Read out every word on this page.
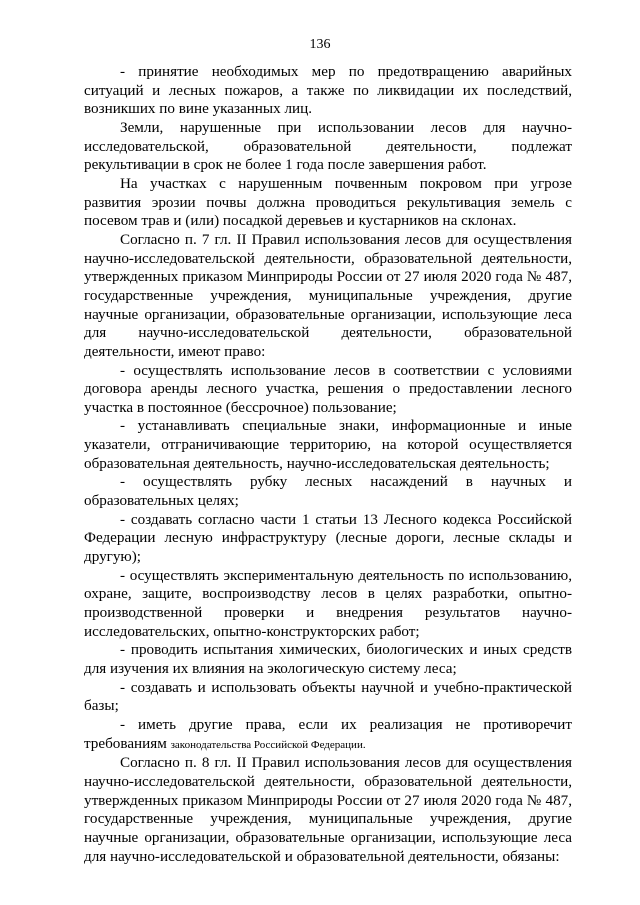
136

- принятие необходимых мер по предотвращению аварийных ситуаций и лесных пожаров, а также по ликвидации их последствий, возникших по вине указанных лиц.

Земли, нарушенные при использовании лесов для научно-исследовательской, образовательной деятельности, подлежат рекультивации в срок не более 1 года после завершения работ.

На участках с нарушенным почвенным покровом при угрозе развития эрозии почвы должна проводиться рекультивация земель с посевом трав и (или) посадкой деревьев и кустарников на склонах.

Согласно п. 7 гл. II Правил использования лесов для осуществления научно-исследовательской деятельности, образовательной деятельности, утвержденных приказом Минприроды России от 27 июля 2020 года № 487, государственные учреждения, муниципальные учреждения, другие научные организации, образовательные организации, использующие леса для научно-исследовательской деятельности, образовательной деятельности, имеют право:

- осуществлять использование лесов в соответствии с условиями договора аренды лесного участка, решения о предоставлении лесного участка в постоянное (бессрочное) пользование;

- устанавливать специальные знаки, информационные и иные указатели, отграничивающие территорию, на которой осуществляется образовательная деятельность, научно-исследовательская деятельность;

- осуществлять рубку лесных насаждений в научных и образовательных целях;

- создавать согласно части 1 статьи 13 Лесного кодекса Российской Федерации лесную инфраструктуру (лесные дороги, лесные склады и другую);

- осуществлять экспериментальную деятельность по использованию, охране, защите, воспроизводству лесов в целях разработки, опытно-производственной проверки и внедрения результатов научно-исследовательских, опытно-конструкторских работ;

- проводить испытания химических, биологических и иных средств для изучения их влияния на экологическую систему леса;

- создавать и использовать объекты научной и учебно-практической базы;

- иметь другие права, если их реализация не противоречит требованиям законодательства Российской Федерации.

Согласно п. 8 гл. II Правил использования лесов для осуществления научно-исследовательской деятельности, образовательной деятельности, утвержденных приказом Минприроды России от 27 июля 2020 года № 487, государственные учреждения, муниципальные учреждения, другие научные организации, образовательные организации, использующие леса для научно-исследовательской и образовательной деятельности, обязаны:
